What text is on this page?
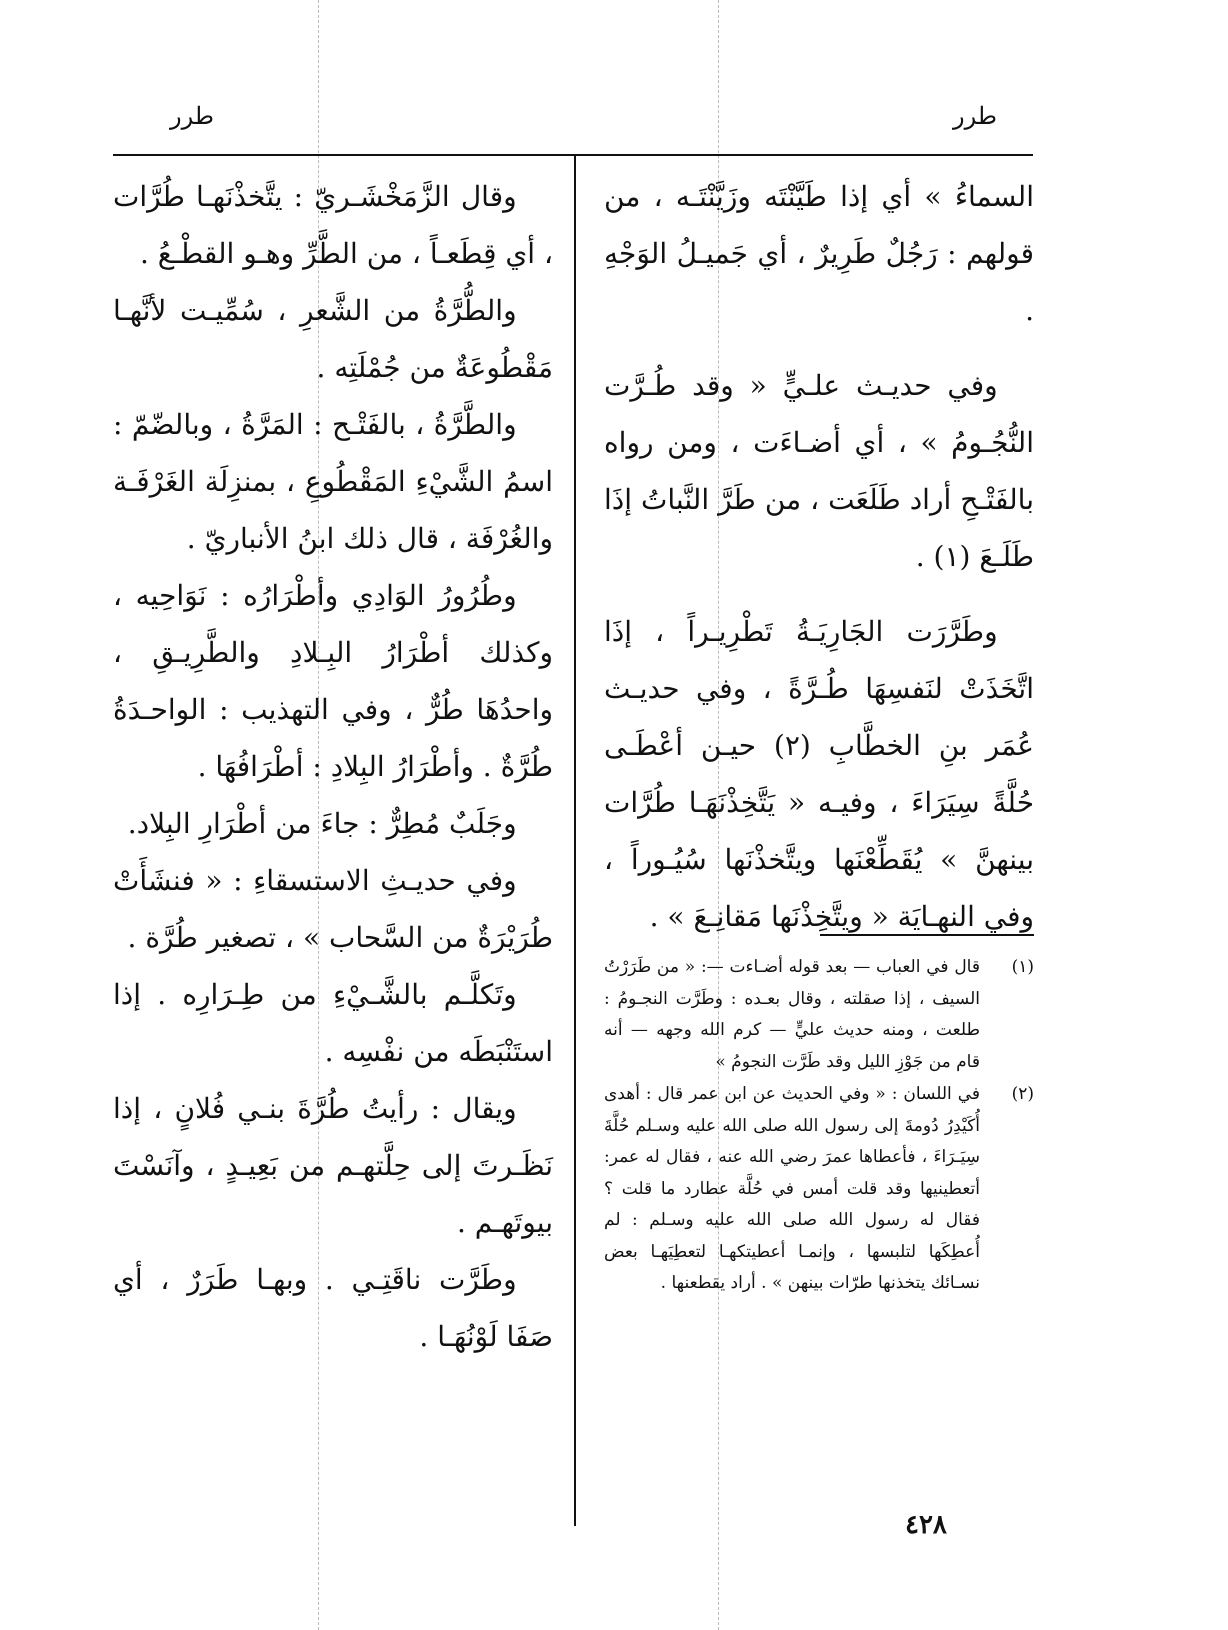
طرر
طرر

السماءُ » أي إذا طَيَّنْتَه وزَيَّنْتَـه ، من قولهم : رَجُلٌ طَرِيرٌ ، أي جَميـلُ الوَجْهِ .

وفي حديـث علـيٍّ « وقد طُـرَّت النُّجُـومُ » ، أي أضـاءَت ، ومن رواه بالفَتْـحِ أراد طَلَعَت ، من طَرَّ النَّباتُ إذَا طَلَـعَ (١) .

وطَرَّرَت الجَارِيَـةُ تَطْرِيـراً ، إذَا اتَّخَذَتْ لنَفسِهَا طُـرَّةً ، وفي حديـث عُمَر بنِ الخطَّابِ (٢) حيـن أعْطَـى حُلَّةً سِيَرَاءَ ، وفيـه « يَتَّخِذْنَهَـا طُرَّات بينهنَّ » يُقَطِّعْنَها ويتَّخذْنَها سُيُـوراً ، وفي النهـايَة « ويتَّخِذْنَها مَقانِـعَ » .

وقال الزَّمَخْشَـريّ : يتَّخذْنَهـا طُرَّات ، أي قِطَعـاً ، من الطَّرِّ وهـو القطْـعُ .

والطُّرَّةُ من الشَّعرِ ، سُمِّيـت لأنَّهـا مَقْطُوعَةٌ من جُمْلَتِه .

والطَّرَّةُ ، بالفَتْـح : المَرَّةُ ، وبالضّمّ : اسمُ الشَّيْءِ المَقْطُوعِ ، بمنزِلَة الغَرْفَـة والغُرْفَة ، قال ذلك ابنُ الأنباريّ .

وطُرُورُ الوَادِي وأطْرَارُه : نَوَاحِيه ، وكذلك أطْرَارُ البِـلادِ والطَّرِيـقِ ، واحدُهَا طُرٌّ ، وفي التهذيب : الواحـدَةُ طُرَّةٌ . وأطْرَارُ البِلادِ : أطْرَافُهَا .

وجَلَبٌ مُطِرٌّ : جاءَ من أطْرَارِ البِلاد.

وفي حديـثِ الاستسقاءِ : « فنشَأَتْ طُرَيْرَةٌ من السَّحاب » ، تصغير طُرَّة .

وتَكلَّـم بالشَّـيْءِ من طِـرَارِه . إذا استَنْبَطَه من نفْسِه .

ويقال : رأيتُ طُرَّةَ بنـي فُلانٍ ، إذا نَظَـرتَ إلى حِلَّتهـم من بَعِيـدٍ ، وآنَسْتَ بيوتَهـم .

وطَرَّت ناقَتِـي . وبهـا طَرَرٌ ، أي صَفَا لَوْنُهَـا .

(١)
قال في العباب — بعد قوله أضـاءت —: « من طَرَرْتُ السيف ، إذا صقلته ، وقال بعـده : وطَرَّت النجـومُ : طلعت ، ومنه حديث عليٍّ — كرم الله وجهه — أنه قام من جَوْزِ الليل وقد طَرَّت النجومُ »

(٢)
في اللسان : « وفي الحديث عن ابن عمر قال : أهدى أُكَيْدِرُ دُومةَ إلى رسول الله صلى الله عليه وسـلم حُلَّةَ سِيَـرَاءَ ، فأعطاها عمرَ رضي الله عنه ، فقال له عمر: أتعطينيها وقد قلت أمس في حُلَّة عطارد ما قلت ؟ فقال له رسول الله صلى الله عليه وسـلم : لم أُعطِكَها لتلبسها ، وإنمـا أعطيتكهـا لتعطِيَهـا بعض نسـائك يتخذنها طرّات بينهن » . أراد يقطعنها .

٤٢٨
